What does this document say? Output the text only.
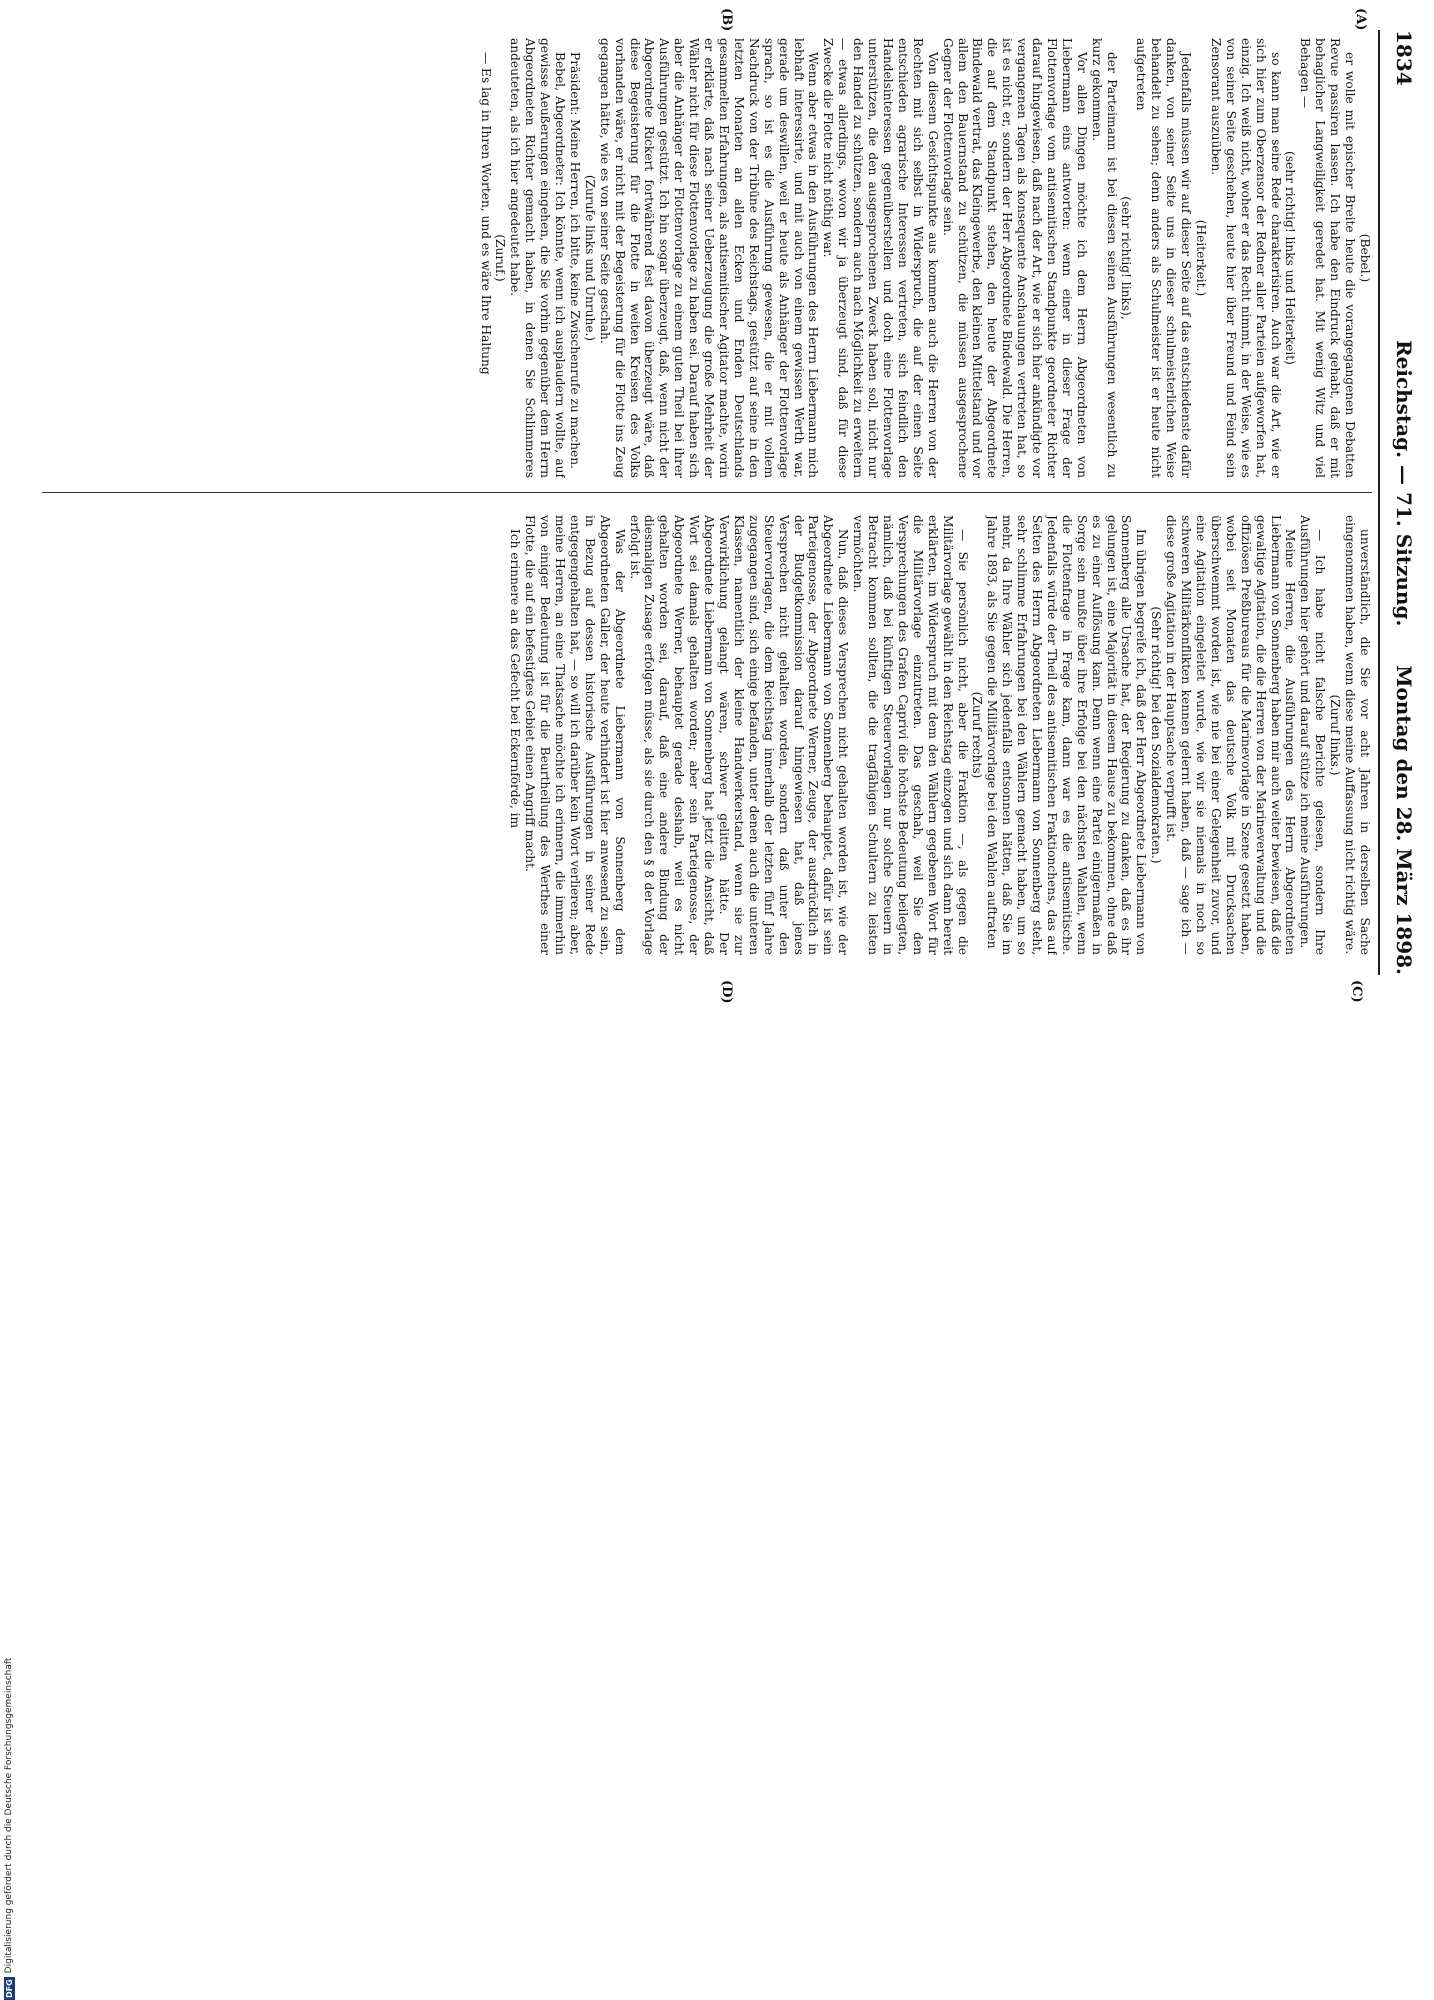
1834
Reichstag. — 71. Sitzung.
Montag den 28. März 1898.
(A)
(B)
(C)
(D)

(Bebel.)

er wolle mit epischer Breite heute die vorangegangenen Debatten Revue passiren lassen. Ich habe den Eindruck gehabt, daß er mit behaglicher Langweiligkeit geredet hat. Mit wenig Witz und viel Behagen —

(sehr richtig! links und Heiterkeit)

so kann man seine Rede charakterisiren. Auch war die Art, wie er sich hier zum Oberzensor der Redner aller Parteien aufgeworfen hat, einzig. Ich weiß nicht, woher er das Recht nimmt, in der Weise, wie es von seiner Seite geschehen, heute hier über Freund und Feind sein Zensorant auszuüben.

(Heiterkeit.)

Jedenfalls müssen wir auf dieser Seite auf das entschiedenste dafür danken, von seiner Seite uns in dieser schulmeisterlichen Weise behandelt zu sehen; denn anders als Schulmeister ist er heute nicht aufgetreten

(sehr richtig! links),

der Parteimann ist bei diesen seinen Ausführungen wesentlich zu kurz gekommen.

Vor allen Dingen möchte ich dem Herrn Abgeordneten von Liebermann eins antworten: wenn einer in dieser Frage der Flottenvorlage vom antisemitischen Standpunkte geordneter Richter darauf hingewiesen, daß nach der Art, wie er sich hier ankündigte vor vergangenen Tagen als konsequente Anschauungen vertreten hat, so ist es nicht er, sondern der Herr Abgeordnete Bindewald. Die Herren, die auf dem Standpunkt stehen, den heute der Abgeordnete Bindewald vertrat, das Kleingewerbe, den kleinen Mittelstand und vor allem den Bauernstand zu schützen, die müssen ausgesprochene Gegner der Flottenvorlage sein.

Von diesem Gesichtspunkte aus kommen auch die Herren von der Rechten mit sich selbst in Widerspruch, die auf der einen Seite entschieden agrarische Interessen vertreten, sich feindlich den Handelsinteressen gegenüberstellen und doch eine Flottenvorlage unterstützen, die den ausgesprochenen Zweck haben soll, nicht nur den Handel zu schützen, sondern auch nach Möglichkeit zu erweitern — etwas allerdings, wovon wir ja überzeugt sind, daß für diese Zwecke die Flotte nicht nöthig war.

Wenn aber etwas in den Ausführungen des Herrn Liebermann mich lebhaft interessirte, und mit auch von einem gewissen Werth war, gerade um deswillen, weil er heute als Anhänger der Flottenvorlage sprach, so ist es die Ausführung gewesen, die er mit vollem Nachdruck von der Tribüne des Reichstags, gestützt auf seine in den letzten Monaten an allen Ecken und Enden Deutschlands gesammelten Erfahrungen, als antisemitischer Agitator machte, worin er erklärte, daß nach seiner Ueberzeugung die große Mehrheit der Wähler nicht für diese Flottenvorlage zu haben sei. Darauf haben sich aber die Anhänger der Flottenvorlage zu einem guten Theil bei ihrer Ausführungen gestützt. Ich bin sogar überzeugt, daß, wenn nicht der Abgeordnete Rickert fortwährend fest davon überzeugt wäre, daß diese Begeisterung für die Flotte in weiten Kreisen des Volks vorhanden wäre, er nicht mit der Begeisterung für die Flotte ins Zeug gegangen hätte, wie es von seiner Seite geschah.

(Zurufe links und Unruhe.)

Präsident: Meine Herren, ich bitte, keine Zwischenrufe zu machen.

Bebel, Abgeordneter: Ich könnte, wenn ich ausplaudern wollte, auf gewisse Aeußerungen eingehen, die Sie vorhin gegenüber dem Herrn Abgeordneten Richter gemacht haben, in denen Sie Schlimmeres andeuteten, als ich hier angedeutet habe.

(Zuruf.)

— Es lag in Ihren Worten, und es wäre Ihre Haltung

unverständlich, die Sie vor acht Jahren in derselben Sache eingenommen haben, wenn diese meine Auffassung nicht richtig wäre.

(Zuruf links.)

— Ich habe nicht falsche Berichte gelesen, sondern Ihre Ausführungen hier gehört und darauf stütze ich meine Ausführungen.

Meine Herren, die Ausführungen des Herrn Abgeordneten Liebermann von Sonnenberg haben mir auch weiter bewiesen, daß die gewaltige Agitation, die die Herren von der Marineverwaltung und die offiziösen Preßbureaus für die Marinevorlage in Szene gesetzt haben, wobei seit Monaten das deutsche Volk mit Drucksachen überschwemmt worden ist, wie nie bei einer Gelegenheit zuvor, und eine Agitation eingeleitet wurde, wie wir sie niemals in noch so schweren Militärkonflikten kennen gelernt haben, daß — sage ich — diese große Agitation in der Hauptsache verpufft ist.

(Sehr richtig! bei den Sozialdemokraten.)

Im übrigen begreife ich, daß der Herr Abgeordnete Liebermann von Sonnenberg alle Ursache hat, der Regierung zu danken, daß es ihr gelungen ist, eine Majorität in diesem Hause zu bekommen, ohne daß es zu einer Auflösung kam. Denn wenn eine Partei einigermaßen in Sorge sein mußte über ihre Erfolge bei den nächsten Wahlen, wenn die Flottenfrage in Frage kam, dann war es die antisemitische. Jedenfalls würde der Theil des antisemitischen Fraktionchens, das auf Seiten des Herrn Abgeordneten Liebermann von Sonnenberg steht, sehr schlimme Erfahrungen bei den Wählern gemacht haben, um so mehr, da Ihre Wähler sich jedenfalls entsonnen hätten, daß Sie im Jahre 1893, als Sie gegen die Militärvorlage bei den Wahlen auftraten

(Zuruf rechts)

— Sie persönlich nicht, aber die Fraktion —, als gegen die Militärvorlage gewählt in den Reichstag einzogen und sich dann bereit erklärten, im Widerspruch mit dem den Wählern gegebenen Wort für die Militärvorlage einzutreten. Das geschah, weil Sie den Versprechungen des Grafen Caprivi die höchste Bedeutung beilegten, nämlich, daß bei künftigen Steuervorlagen nur solche Steuern in Betracht kommen sollten, die die tragfähigen Schultern zu leisten vermöchten.

Nun, daß dieses Versprechen nicht gehalten worden ist, wie der Abgeordnete Liebermann von Sonnenberg behauptet, dafür ist sein Parteigenosse, der Abgeordnete Werner, Zeuge, der ausdrücklich in der Budgetkommission darauf hingewiesen hat, daß jenes Versprechen nicht gehalten worden, sondern daß unter den Steuervorlagen, die dem Reichstag innerhalb der letzten fünf Jahre zugegangen sind, sich einige befanden, unter denen auch die unteren Klassen, namentlich der kleine Handwerkerstand, wenn sie zur Verwirklichung gelangt wären, schwer gelitten hätte. Der Abgeordnete Liebermann von Sonnenberg hat jetzt die Ansicht, daß Wort sei damals gehalten worden; aber sein Parteigenosse, der Abgeordnete Werner, behauptet gerade deshalb, weil es nicht gehalten worden sei, darauf, daß eine andere Bindung der diesmaligen Zusage erfolgen müsse, als sie durch den § 8 der Vorlage erfolgt ist.

Was der Abgeordnete Liebermann von Sonnenberg dem Abgeordneten Galler, der heute verhindert ist hier anwesend zu sein, in Bezug auf dessen historische Ausführungen in seiner Rede entgegengehalten hat, — so will ich darüber kein Wort verlieren; aber, meine Herren, an eine Thatsache möchte ich erinnern, die immerhin von einiger Bedeutung ist für die Beurtheilung des Werthes einer Flotte, die auf ein befestigtes Gebiet einen Angriff macht.

Ich erinnere an das Gefecht bei Eckernförde, im

DFG
Digitalisierung gefördert durch die Deutsche Forschungsgemeinschaft
